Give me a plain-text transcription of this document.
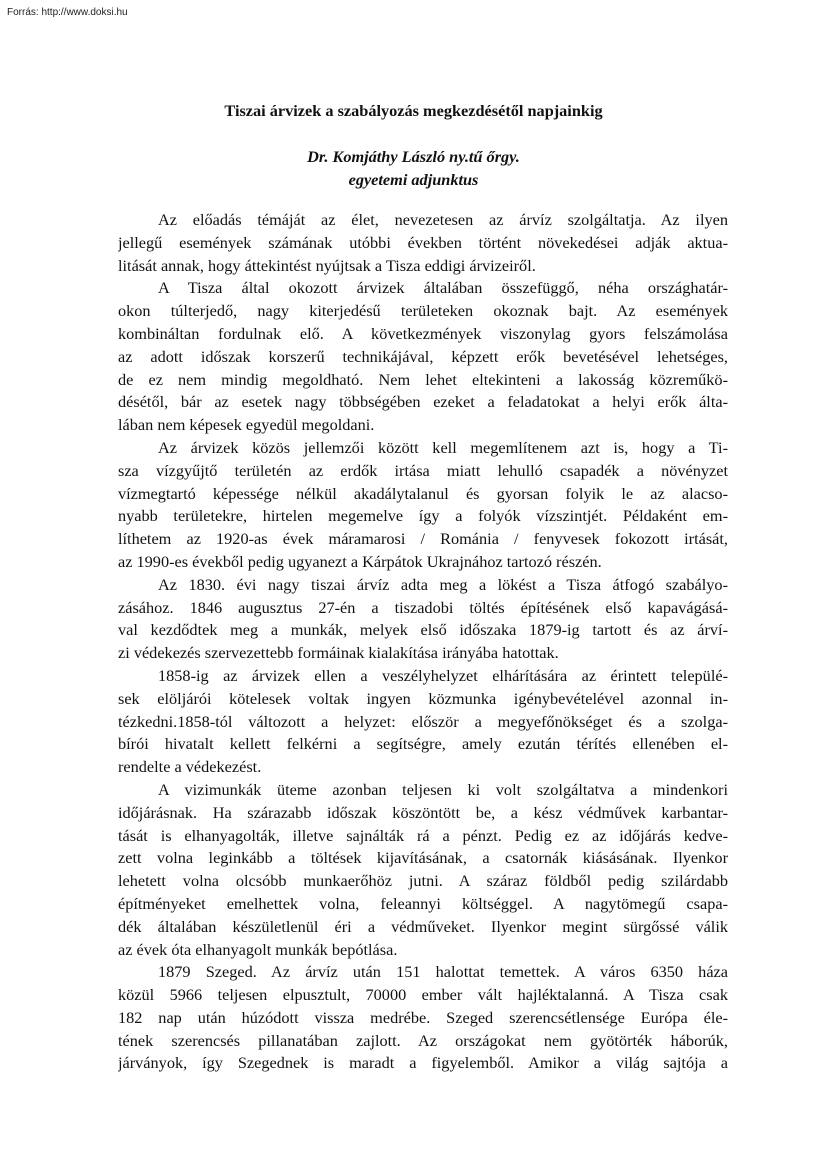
Forrás: http://www.doksi.hu
Tiszai árvizek a szabályozás megkezdésétől napjainkig
Dr. Komjáthy László ny.tű őrgy.
egyetemi adjunktus
Az előadás témáját az élet, nevezetesen az árvíz szolgáltatja. Az ilyen
jellegű események számának utóbbi években történt növekedései adják aktua-
litását annak, hogy áttekintést nyújtsak a Tisza eddigi árvizeiről.
A Tisza által okozott árvizek általában összefüggő, néha országhatár-
okon túlterjedő, nagy kiterjedésű területeken okoznak bajt. Az események
kombináltan fordulnak elő. A következmények viszonylag gyors felszámolása
az adott időszak korszerű technikájával, képzett erők bevetésével lehetséges,
de ez nem mindig megoldható. Nem lehet eltekinteni a lakosság közreműkö-
désétől, bár az esetek nagy többségében ezeket a feladatokat a helyi erők álta-
lában nem képesek egyedül megoldani.
Az árvizek közös jellemzői között kell megemlítenem azt is, hogy a Ti-
sza vízgyűjtő területén az erdők irtása miatt lehulló csapadék a növényzet
vízmegtartó képessége nélkül akadálytalanul és gyorsan folyik le az alacso-
nyabb területekre, hirtelen megemelve így a folyók vízszintjét. Példaként em-
líthetem az 1920-as évek máramarosi / Románia / fenyvesek fokozott irtását,
az 1990-es évekből pedig ugyanezt a Kárpátok Ukrajnához tartozó részén.
Az 1830. évi nagy tiszai árvíz adta meg a lökést a Tisza átfogó szabályo-
zásához. 1846 augusztus 27-én a tiszadobi töltés építésének első kapavágásá-
val kezdődtek meg a munkák, melyek első időszaka 1879-ig tartott és az árví-
zi védekezés szervezettebb formáinak kialakítása irányába hatottak.
1858-ig az árvizek ellen a veszélyhelyzet elhárítására az érintett települé-
sek elöljárói kötelesek voltak ingyen közmunka igénybevételével azonnal in-
tézkedni.1858-tól változott a helyzet: először a megyefőnökséget és a szolga-
bírói hivatalt kellett felkérni a segítségre, amely ezután térítés ellenében el-
rendelte a védekezést.
A vizimunkák üteme azonban teljesen ki volt szolgáltatva a mindenkori
időjárásnak. Ha szárazabb időszak köszöntött be, a kész védművek karbantar-
tását is elhanyagolták, illetve sajnálták rá a pénzt. Pedig ez az időjárás kedve-
zett volna leginkább a töltések kijavításának, a csatornák kiásásának. Ilyenkor
lehetett volna olcsóbb munkaerőhöz jutni. A száraz földből pedig szilárdabb
építményeket emelhettek volna, feleannyi költséggel. A nagytömegű csapa-
dék általában készületlenül éri a védműveket. Ilyenkor megint sürgőssé válik
az évek óta elhanyagolt munkák bepótlása.
1879 Szeged. Az árvíz után 151 halottat temettek. A város 6350 háza
közül 5966 teljesen elpusztult, 70000 ember vált hajléktalanná. A Tisza csak
182 nap után húzódott vissza medrébe. Szeged szerencsétlensége Európa éle-
tének szerencsés pillanatában zajlott. Az országokat nem gyötörték háborúk,
járványok, így Szegednek is maradt a figyelemből. Amikor a világ sajtója a
